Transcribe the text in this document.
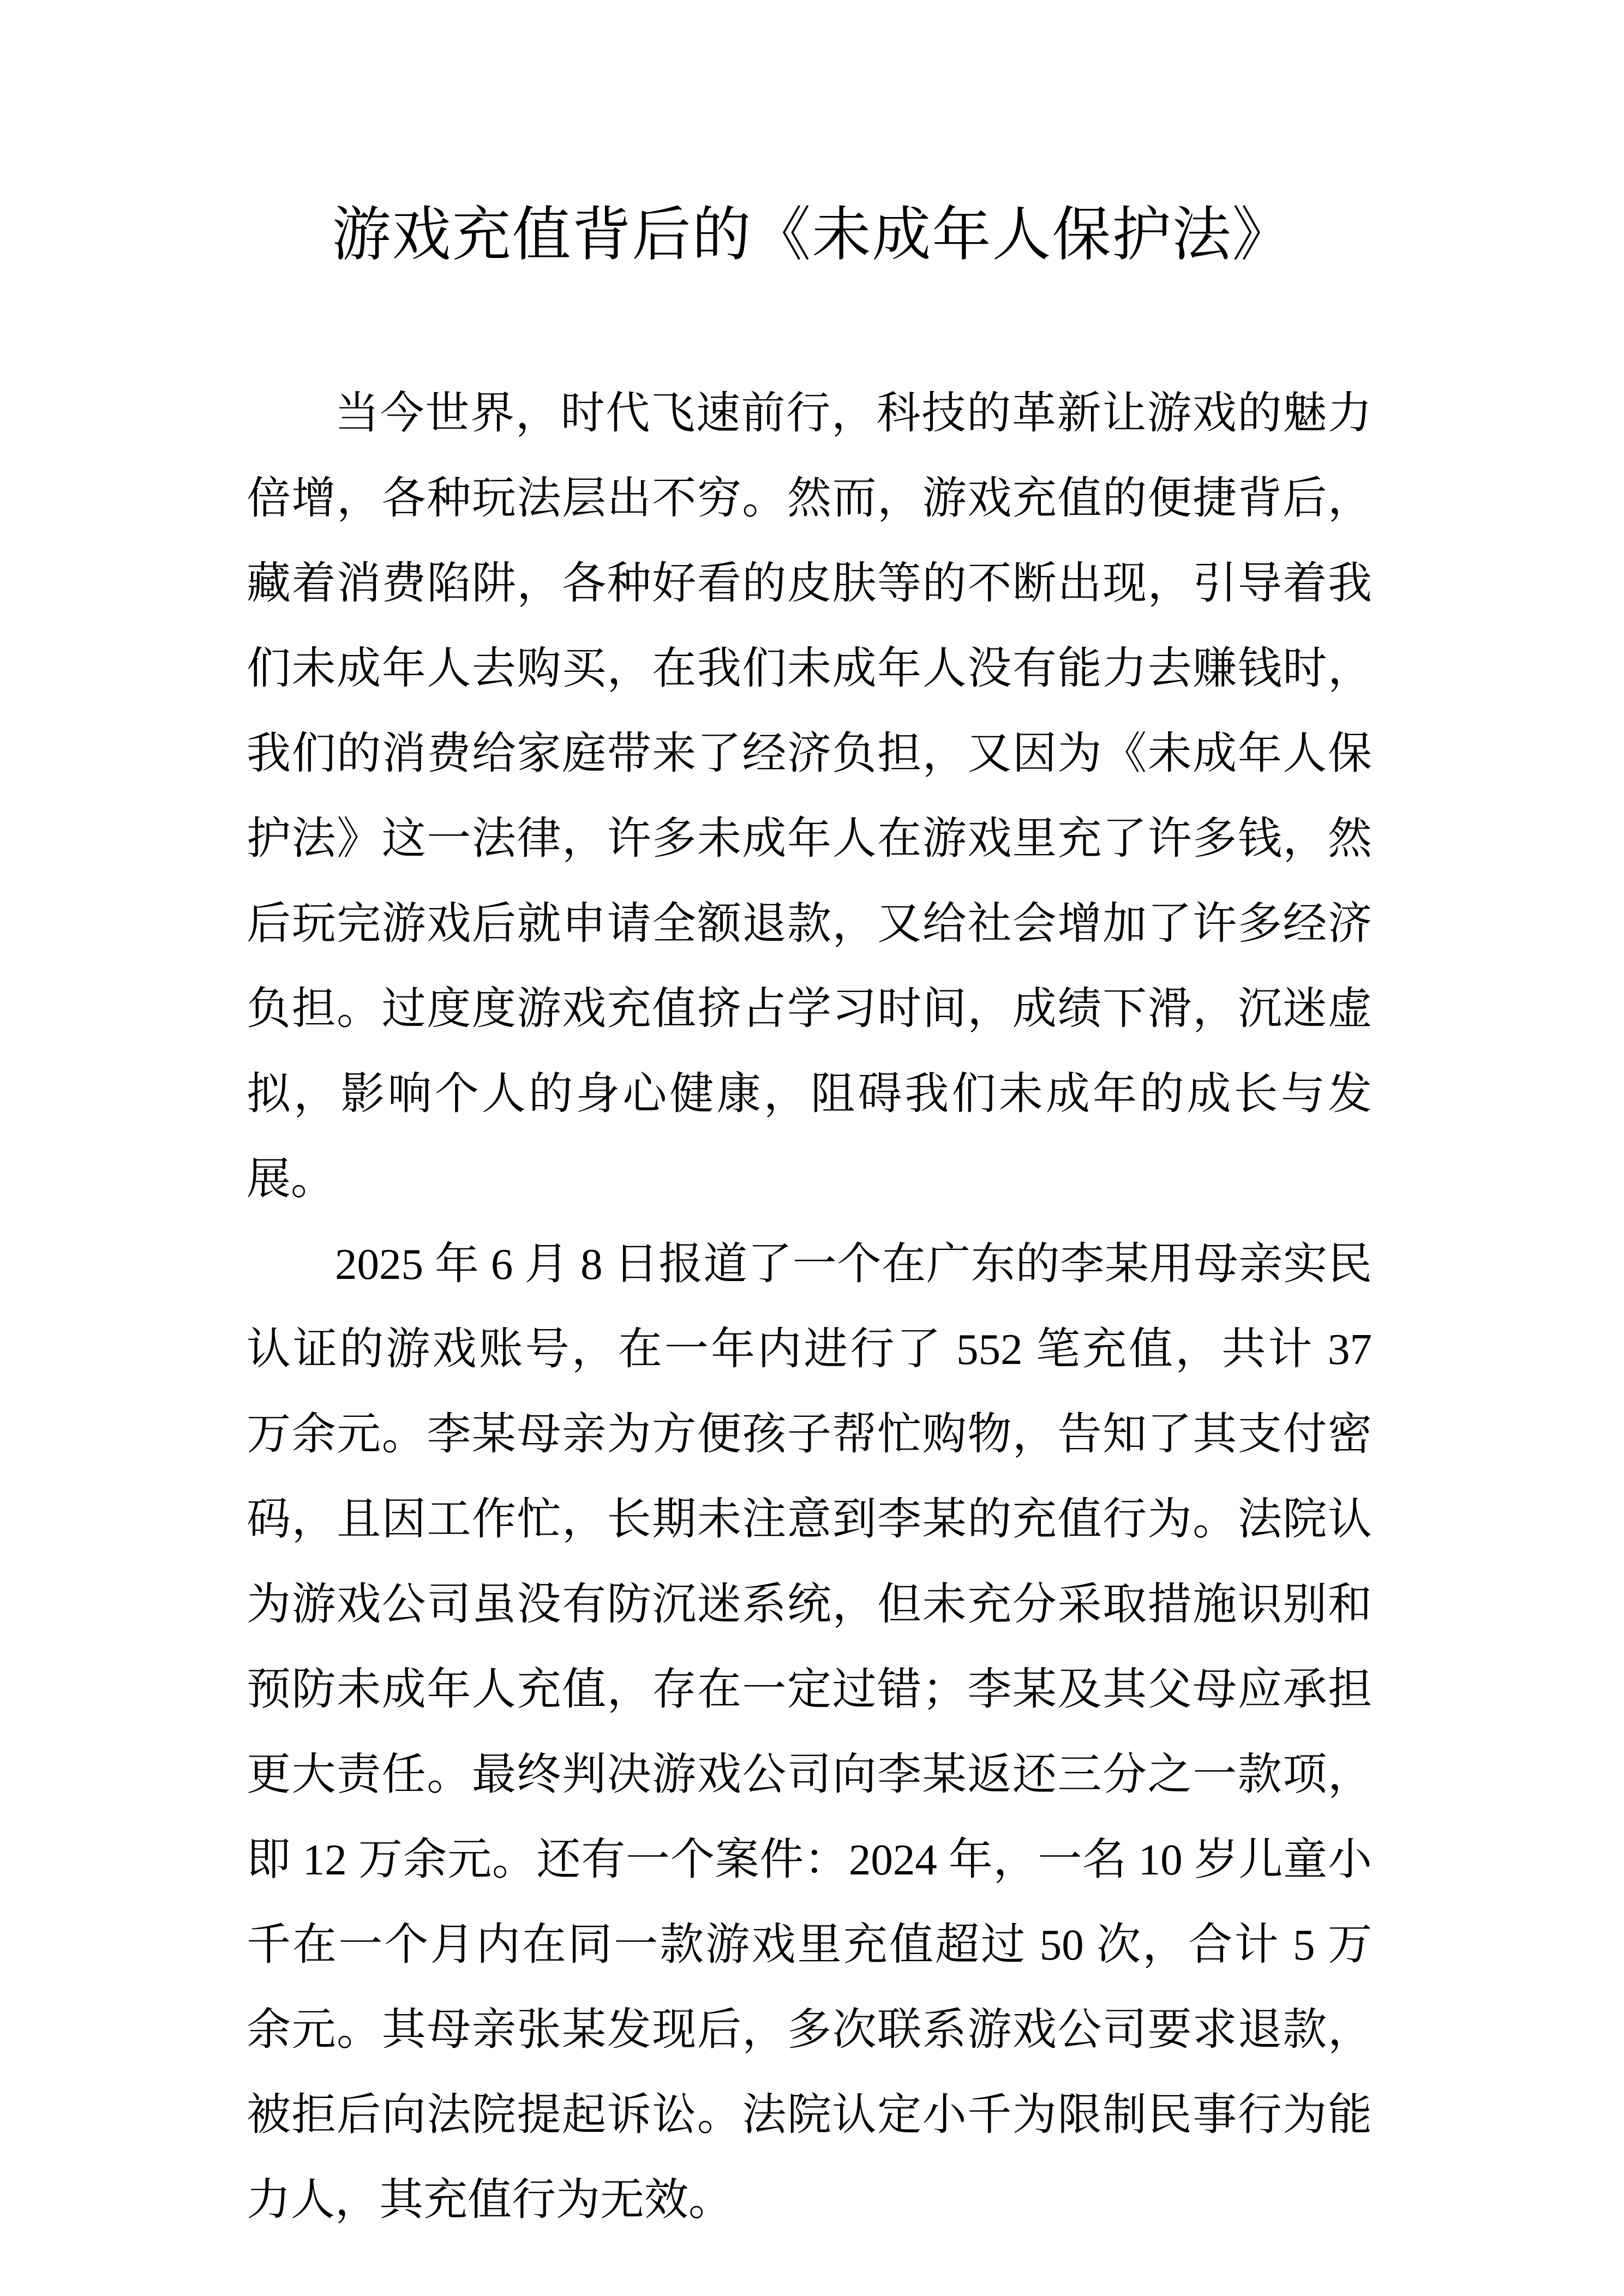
游戏充值背后的《未成年人保护法》

当今世界，时代飞速前行，科技的革新让游戏的魅力倍增，各种玩法层出不穷。然而，游戏充值的便捷背后，藏着消费陷阱，各种好看的皮肤等的不断出现，引导着我们未成年人去购买，在我们未成年人没有能力去赚钱时，我们的消费给家庭带来了经济负担，又因为《未成年人保护法》这一法律，许多未成年人在游戏里充了许多钱，然后玩完游戏后就申请全额退款，又给社会增加了许多经济负担。过度度游戏充值挤占学习时间，成绩下滑，沉迷虚拟，影响个人的身心健康，阻碍我们未成年的成长与发展。

2025 年 6 月 8 日报道了一个在广东的李某用母亲实民认证的游戏账号，在一年内进行了 552 笔充值，共计 37 万余元。李某母亲为方便孩子帮忙购物，告知了其支付密码，且因工作忙，长期未注意到李某的充值行为。法院认为游戏公司虽没有防沉迷系统，但未充分采取措施识别和预防未成年人充值，存在一定过错；李某及其父母应承担更大责任。最终判决游戏公司向李某返还三分之一款项，即 12 万余元。还有一个案件：2024 年，一名 10 岁儿童小千在一个月内在同一款游戏里充值超过 50 次，合计 5 万余元。其母亲张某发现后，多次联系游戏公司要求退款，被拒后向法院提起诉讼。法院认定小千为限制民事行为能力人，其充值行为无效。
